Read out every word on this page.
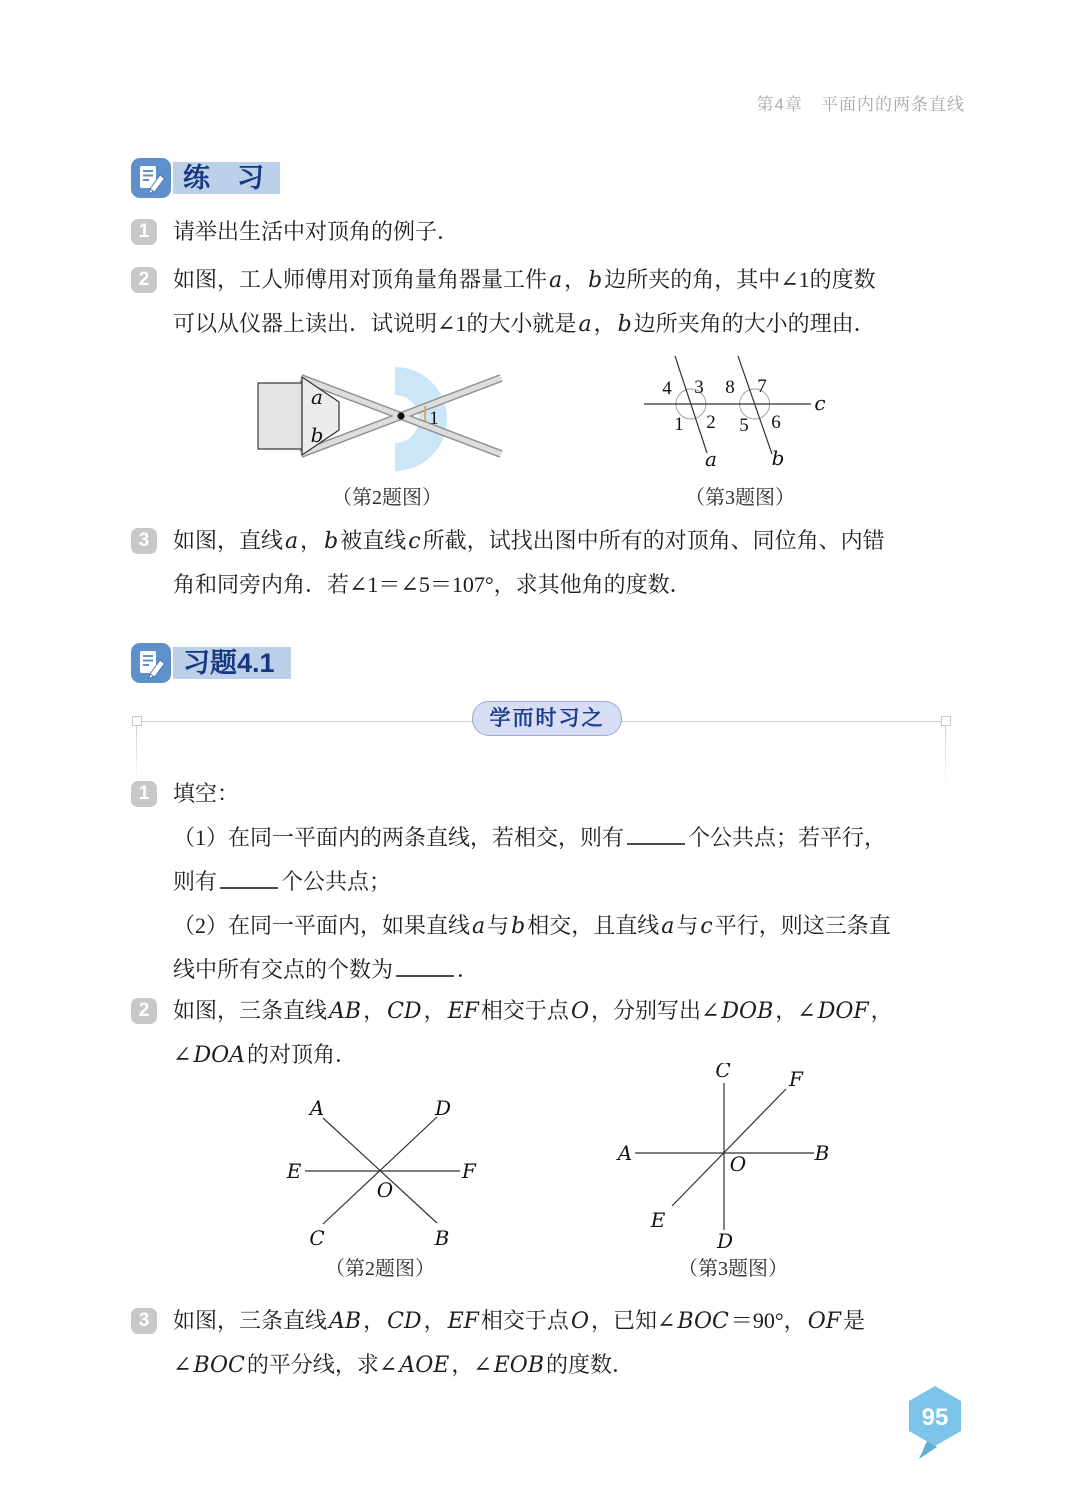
第4章　平面内的两条直线
练　习
1	请举出生活中对顶角的例子．
2	如图，工人师傅用对顶角量角器量工件a，b边所夹的角，其中∠1的度数
可以从仪器上读出．试说明∠1的大小就是a，b边所夹角的大小的理由．
a
b
1
（第2题图）
c
a	b
4 3
1 2
8 7
5 6
（第3题图）
3	如图，直线a，b被直线c所截，试找出图中所有的对顶角、同位角、内错
角和同旁内角．若∠1＝∠5＝107°，求其他角的度数．
习题4.1
学而时习之
1	填空：
（1）在同一平面内的两条直线，若相交，则有	个公共点；若平行，
则有	个公共点；
（2）在同一平面内，如果直线a与b相交，且直线a与c平行，则这三条直
线中所有交点的个数为	．
2	如图，三条直线AB，CD，EF相交于点O，分别写出∠DOB，∠DOF，
∠DOA的对顶角．
A	D
E	F
O
C	B
（第2题图）
C	F
A	B
O
E
D
（第3题图）
3	如图，三条直线AB，CD，EF相交于点O，已知∠BOC＝90°，OF是
∠BOC的平分线，求∠AOE，∠EOB的度数．
95
